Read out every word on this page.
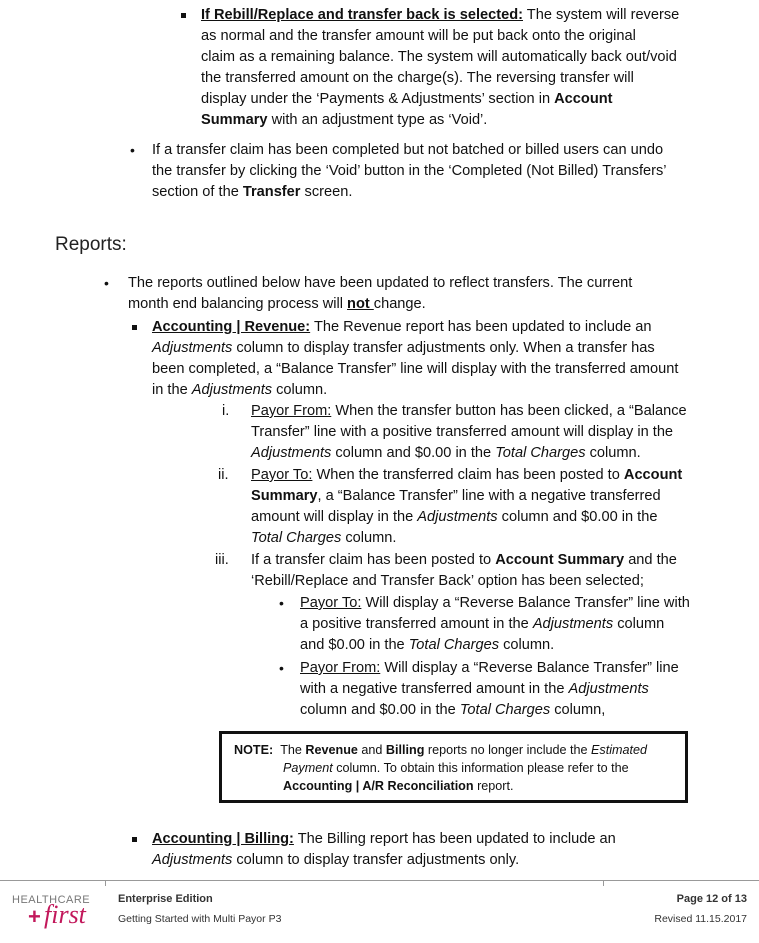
If Rebill/Replace and transfer back is selected: The system will reverse
as normal and the transfer amount will be put back onto the original
claim as a remaining balance. The system will automatically back out/void
the transferred amount on the charge(s). The reversing transfer will
display under the ‘Payments & Adjustments’ section in Account
Summary with an adjustment type as ‘Void’.
• If a transfer claim has been completed but not batched or billed users can undo
the transfer by clicking the ‘Void’ button in the ‘Completed (Not Billed) Transfers’
section of the Transfer screen.
Reports:
• The reports outlined below have been updated to reflect transfers. The current
month end balancing process will not change.
Accounting | Revenue: The Revenue report has been updated to include an
Adjustments column to display transfer adjustments only. When a transfer has
been completed, a “Balance Transfer” line will display with the transferred amount
in the Adjustments column.
i. Payor From: When the transfer button has been clicked, a “Balance
Transfer” line with a positive transferred amount will display in the
Adjustments column and $0.00 in the Total Charges column.
ii. Payor To: When the transferred claim has been posted to Account
Summary, a “Balance Transfer” line with a negative transferred
amount will display in the Adjustments column and $0.00 in the
Total Charges column.
iii. If a transfer claim has been posted to Account Summary and the
‘Rebill/Replace and Transfer Back’ option has been selected;
• Payor To: Will display a “Reverse Balance Transfer” line with
a positive transferred amount in the Adjustments column
and $0.00 in the Total Charges column.
• Payor From: Will display a “Reverse Balance Transfer” line
with a negative transferred amount in the Adjustments
column and $0.00 in the Total Charges column,
NOTE: The Revenue and Billing reports no longer include the Estimated
Payment column. To obtain this information please refer to the
Accounting | A/R Reconciliation report.
Accounting | Billing: The Billing report has been updated to include an
Adjustments column to display transfer adjustments only.
HEALTHCARE
+ first
Enterprise Edition
Getting Started with Multi Payor P3
Page 12 of 13
Revised 11.15.2017
